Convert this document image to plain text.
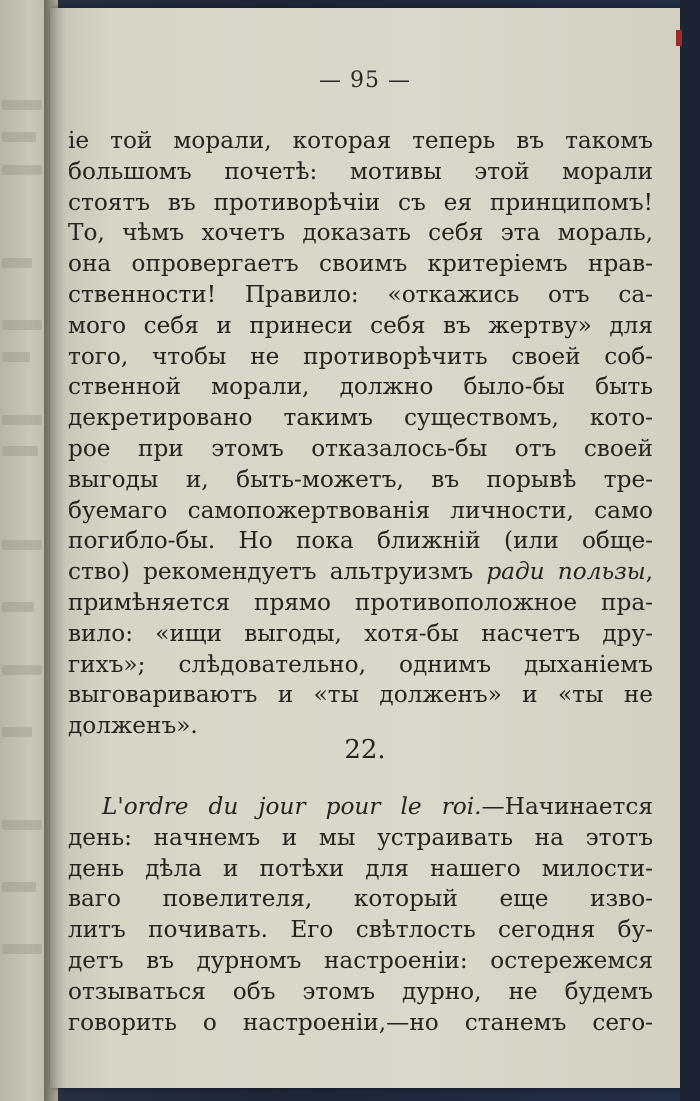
— 95 —
ie той морали, которая теперь въ такомъ
большомъ почетѣ: мотивы этой морали
стоятъ въ противорѣчіи съ ея принципомъ!
То, чѣмъ хочетъ доказать себя эта мораль,
она опровергаетъ своимъ критеріемъ нрав-
ственности! Правило: «откажись отъ са-
мого себя и принеси себя въ жертву» для
того, чтобы не противорѣчить своей соб-
ственной морали, должно было-бы быть
декретировано такимъ существомъ, кото-
рое при этомъ отказалось-бы отъ своей
выгоды и, быть-можетъ, въ порывѣ тре-
буемаго самопожертвованія личности, само
погибло-бы. Но пока ближній (или обще-
ство) рекомендуетъ альтруизмъ ради пользы,
примѣняется прямо противоположное пра-
вило: «ищи выгоды, хотя-бы насчетъ дру-
гихъ»; слѣдовательно, однимъ дыханіемъ
выговариваютъ и «ты долженъ» и «ты не
долженъ».
22.
L'ordre du jour pour le roi.—Начинается
день: начнемъ и мы устраивать на этотъ
день дѣла и потѣхи для нашего милости-
ваго повелителя, который еще изво-
литъ почивать. Его свѣтлость сегодня бу-
детъ въ дурномъ настроеніи: остережемся
отзываться объ этомъ дурно, не будемъ
говорить о настроеніи,—но станемъ сего-
